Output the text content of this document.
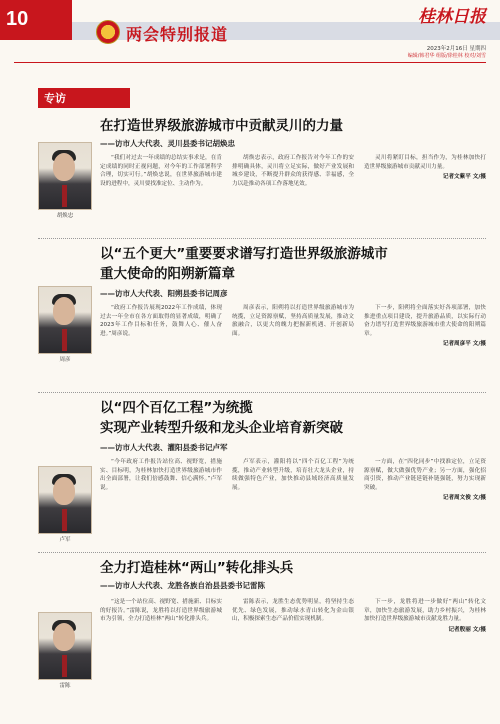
10
两会特别报道
桂林日报
2023年2月16日 星期四
编辑/韩君华 组版/徐桂林 校对/刘雪
专访
胡焕忠
在打造世界级旅游城市中贡献灵川的力量
——访市人大代表、灵川县委书记胡焕忠

“我们对过去一年成绩的总结实事求是，在肯定成绩的同时正视问题，对今年的工作部署科学合理，切实可行。”胡焕忠说，在世界旅游城市建设的进程中，灵川要找准定位、主动作为。

胡焕忠表示，政府工作报告对今年工作的安排明确具体，灵川将立足实际，做好产业发展和城乡建设，不断提升群众的获得感、幸福感，全力以赴推动各项工作落地见效。

灵川将紧盯目标，担当作为，为桂林加快打造世界级旅游城市贡献灵川力量。

记者文紫平 文/摄
周彦
以“五个更大”重要要求谱写打造世界级旅游城市
重大使命的阳朔新篇章
——访市人大代表、阳朔县委书记周彦

“政府工作报告展现2022年工作成绩，体现过去一年全市在各方面取得的显著成绩，明确了2023年工作目标和任务，鼓舞人心、催人奋进。”周彦说。

周彦表示，阳朔将以打造世界级旅游城市为统揽，立足资源禀赋，坚持高质量发展，推动文旅融合，以更大的魄力把握新机遇、开创新局面。

下一步，阳朔将全面落实好各项部署，加快推进重点项目建设，提升旅游品质，以实际行动奋力谱写打造世界级旅游城市重大使命的阳朔篇章。

记者周彦平 文/摄
卢军
以“四个百亿工程”为统揽
实现产业转型升级和龙头企业培育新突破
——访市人大代表、灌阳县委书记卢军

“今年政府工作报告站位高、视野宽，措施实、目标明，为桂林加快打造世界级旅游城市作出全面部署，让我们倍感鼓舞、信心满怀。”卢军说。

卢军表示，灌阳将以“四个百亿工程”为统揽，推动产业转型升级，培育壮大龙头企业，持续做强特色产业，加快推动县域经济高质量发展。

一方面，在“四化同步”中找准定位，立足资源禀赋，做大做强优势产业；另一方面，强化招商引资，推动产业链延链补链强链，努力实现新突破。

记者周文俊 文/摄
雷陈
全力打造桂林“两山”转化排头兵
——访市人大代表、龙胜各族自治县县委书记雷陈

“这是一个站位高、视野宽、措施新、目标实的好报告。”雷陈说，龙胜将以打造世界级旅游城市为引领，全力打造桂林“两山”转化排头兵。

雷陈表示，龙胜生态优势明显，将坚持生态优先、绿色发展，推动绿水青山转化为金山银山，积极探索生态产品价值实现机制。

下一步，龙胜将进一步做好“两山”转化文章，加快生态旅游发展，助力乡村振兴，为桂林加快打造世界级旅游城市贡献龙胜力量。

记者殷丽 文/摄
